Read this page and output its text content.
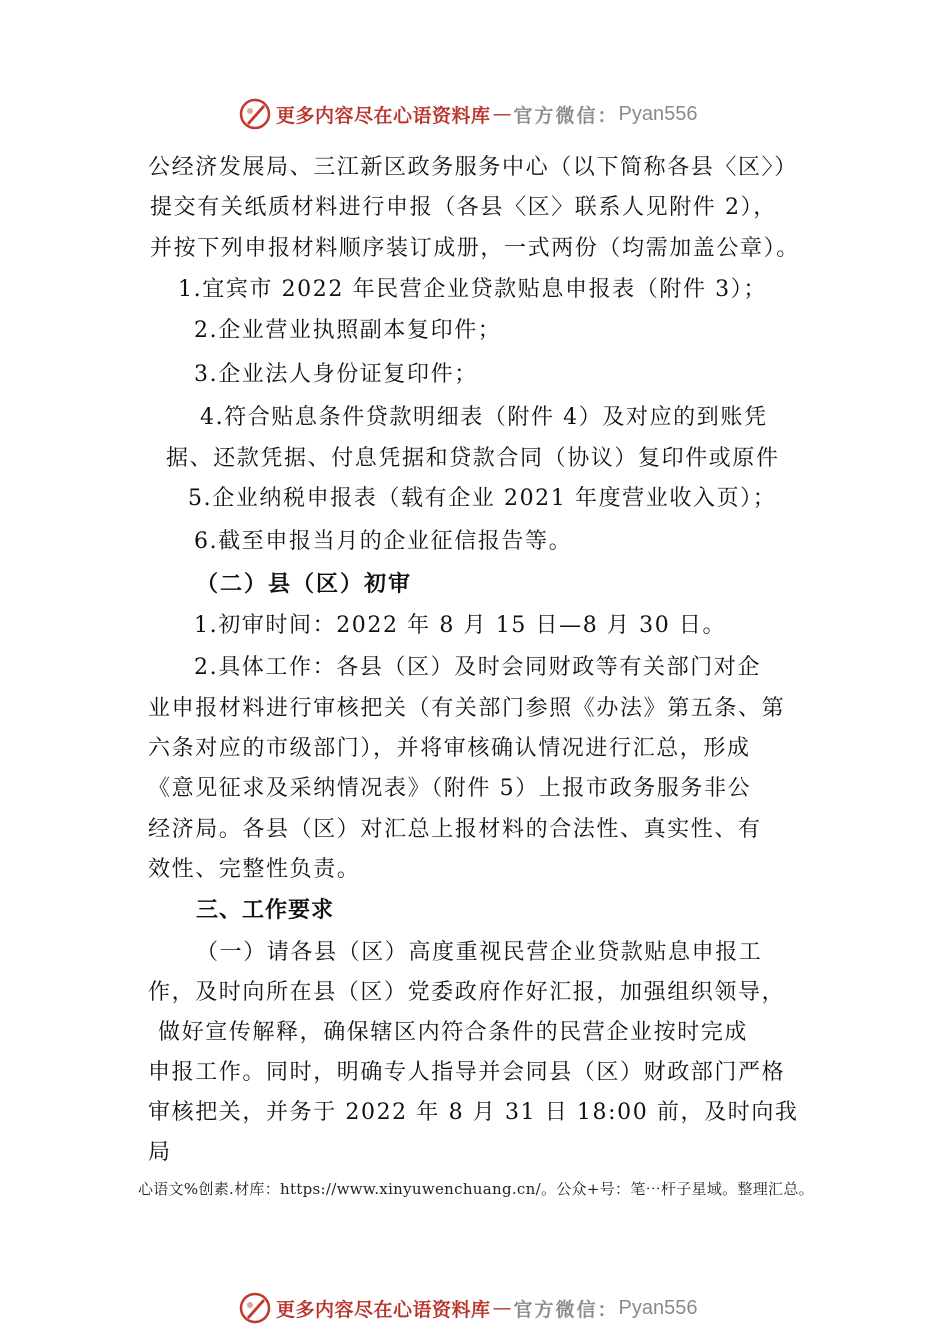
更多内容尽在心语资料库 — 官方微信： Pyan556
公经济发展局、三江新区政务服务中心（以下简称各县〈区〉）
提交有关纸质材料进行申报（各县〈区〉联系人见附件 2），
并按下列申报材料顺序装订成册，一式两份（均需加盖公章）。
1.宜宾市 2022 年民营企业贷款贴息申报表（附件 3）；
2.企业营业执照副本复印件；
3.企业法人身份证复印件；
4.符合贴息条件贷款明细表（附件 4）及对应的到账凭
据、还款凭据、付息凭据和贷款合同（协议）复印件或原件
5.企业纳税申报表（载有企业 2021 年度营业收入页）；
6.截至申报当月的企业征信报告等。
（二）县（区）初审
1.初审时间：2022 年 8 月 15 日—8 月 30 日。
2.具体工作：各县（区）及时会同财政等有关部门对企
业申报材料进行审核把关（有关部门参照《办法》第五条、第
六条对应的市级部门），并将审核确认情况进行汇总，形成
《意见征求及采纳情况表》（附件 5）上报市政务服务非公
经济局。各县（区）对汇总上报材料的合法性、真实性、有
效性、完整性负责。
三、工作要求
（一）请各县（区）高度重视民营企业贷款贴息申报工
作，及时向所在县（区）党委政府作好汇报，加强组织领导，
做好宣传解释，确保辖区内符合条件的民营企业按时完成
申报工作。同时，明确专人指导并会同县（区）财政部门严格
审核把关，并务于 2022 年 8 月 31 日 18:00 前，及时向我
局
心语文%创素.材库：https://www.xinyuwenchuang.cn/。公众+号：笔⋯杆子星域。整理汇总。
更多内容尽在心语资料库 — 官方微信： Pyan556
